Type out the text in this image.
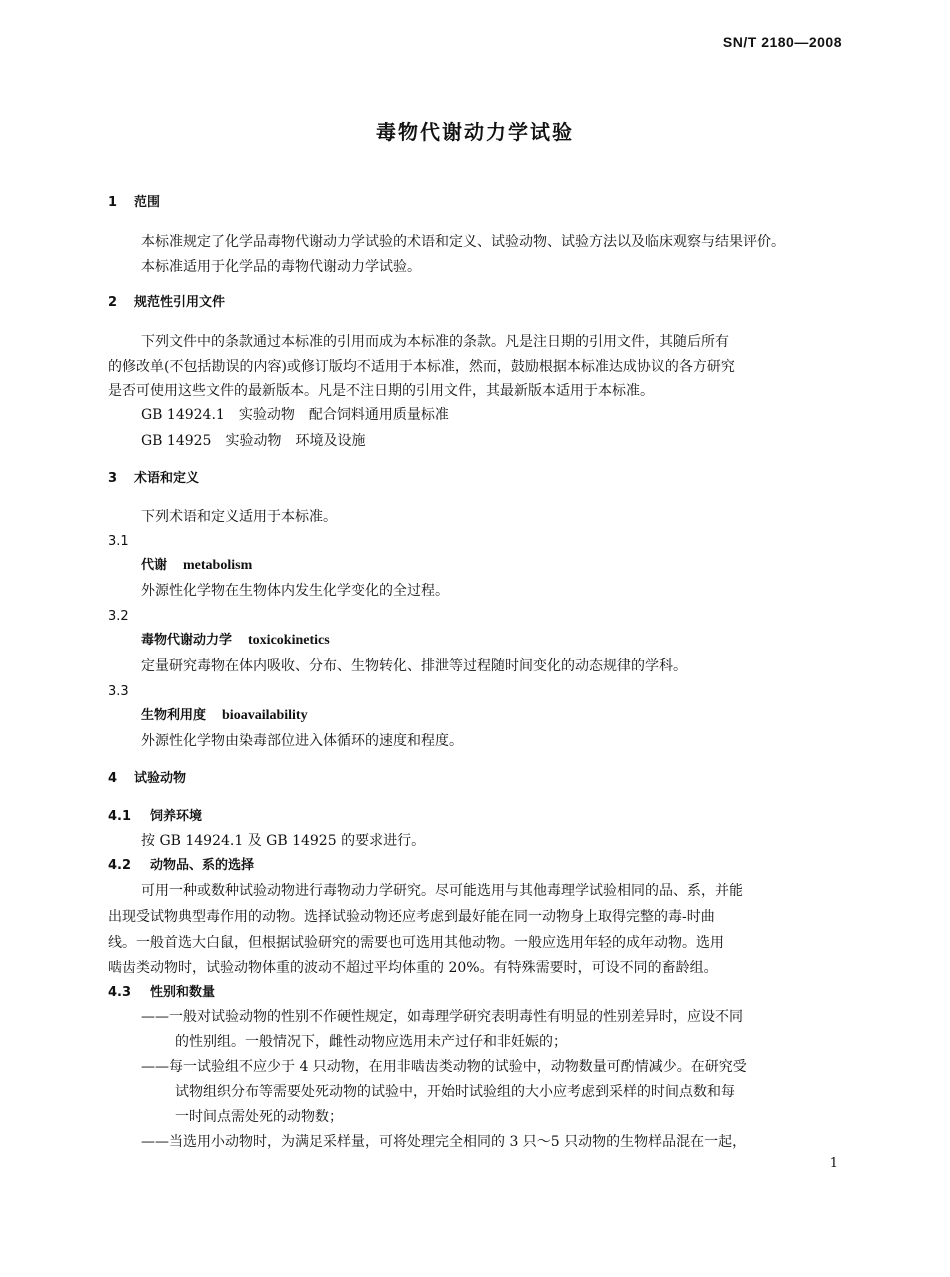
SN/T 2180—2008
毒物代谢动力学试验
1 范围
本标准规定了化学品毒物代谢动力学试验的术语和定义、试验动物、试验方法以及临床观察与结果评价。
本标准适用于化学品的毒物代谢动力学试验。
2 规范性引用文件
下列文件中的条款通过本标准的引用而成为本标准的条款。凡是注日期的引用文件，其随后所有
的修改单(不包括勘误的内容)或修订版均不适用于本标准，然而，鼓励根据本标准达成协议的各方研究
是否可使用这些文件的最新版本。凡是不注日期的引用文件，其最新版本适用于本标准。
GB 14924.1 实验动物 配合饲料通用质量标准
GB 14925 实验动物 环境及设施
3 术语和定义
下列术语和定义适用于本标准。
3.1
代谢 metabolism
外源性化学物在生物体内发生化学变化的全过程。
3.2
毒物代谢动力学 toxicokinetics
定量研究毒物在体内吸收、分布、生物转化、排泄等过程随时间变化的动态规律的学科。
3.3
生物利用度 bioavailability
外源性化学物由染毒部位进入体循环的速度和程度。
4 试验动物
4.1 饲养环境
按 GB 14924.1 及 GB 14925 的要求进行。
4.2 动物品、系的选择
可用一种或数种试验动物进行毒物动力学研究。尽可能选用与其他毒理学试验相同的品、系，并能
出现受试物典型毒作用的动物。选择试验动物还应考虑到最好能在同一动物身上取得完整的毒-时曲
线。一般首选大白鼠，但根据试验研究的需要也可选用其他动物。一般应选用年轻的成年动物。选用
啮齿类动物时，试验动物体重的波动不超过平均体重的 20%。有特殊需要时，可设不同的畜龄组。
4.3 性别和数量
——一般对试验动物的性别不作硬性规定，如毒理学研究表明毒性有明显的性别差异时，应设不同
的性别组。一般情况下，雌性动物应选用未产过仔和非妊娠的；
——每一试验组不应少于 4 只动物，在用非啮齿类动物的试验中，动物数量可酌情减少。在研究受
试物组织分布等需要处死动物的试验中，开始时试验组的大小应考虑到采样的时间点数和每
一时间点需处死的动物数；
——当选用小动物时，为满足采样量，可将处理完全相同的 3 只～5 只动物的生物样品混在一起，
1
